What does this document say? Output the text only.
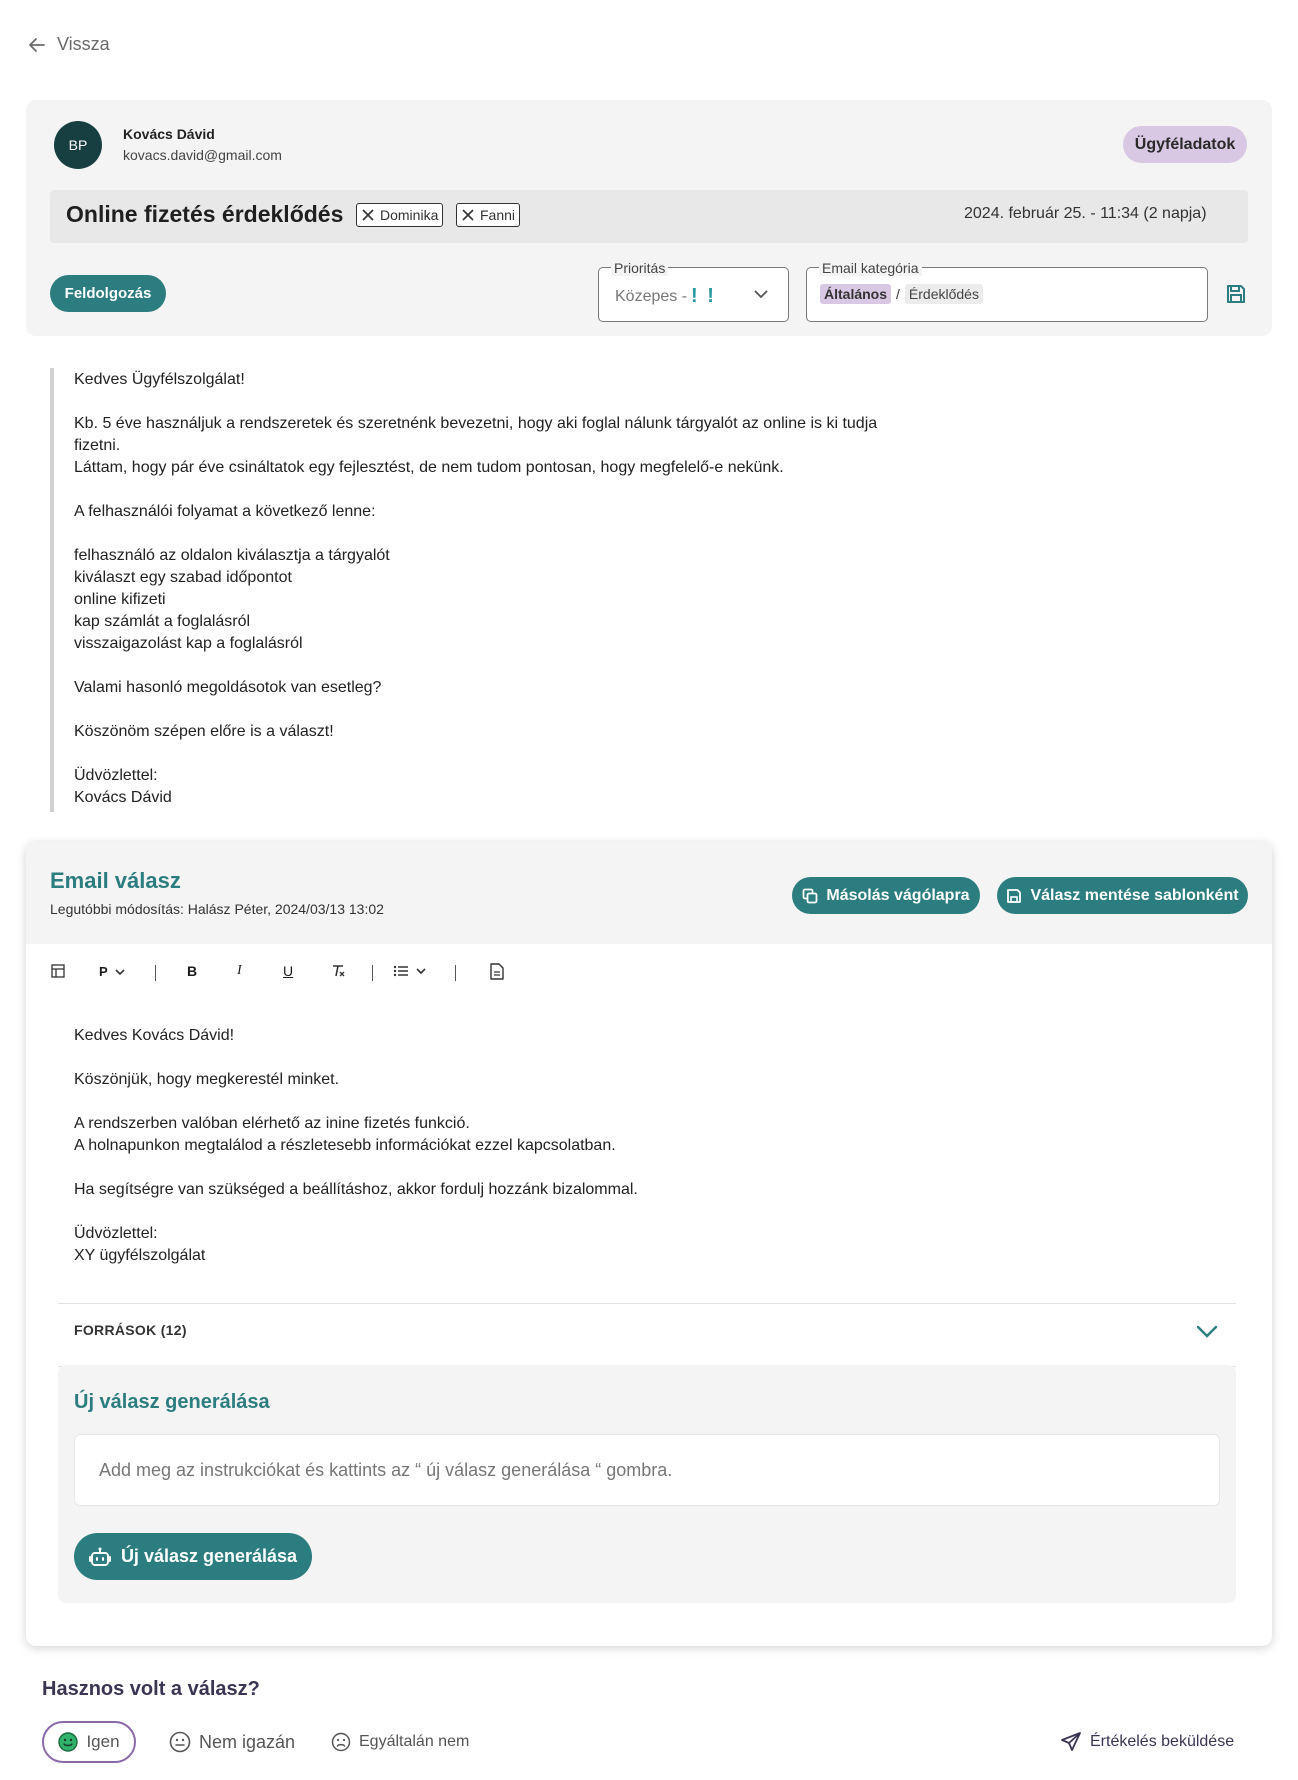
Vissza
BP
Kovács Dávid
kovacs.david@gmail.com
Ügyféladatok
Online fizetés érdeklődés	Dominika	Fanni	2024. február 25. - 11:34 (2 napja)
Feldolgozás
Prioritás
Közepes - ! !
Email kategória
Általános / Érdeklődés
Kedves Ügyfélszolgálat!

Kb. 5 éve használjuk a rendszeretek és szeretnénk bevezetni, hogy aki foglal nálunk tárgyalót az online is ki tudja fizetni.
Láttam, hogy pár éve csináltatok egy fejlesztést, de nem tudom pontosan, hogy megfelelő-e nekünk.

A felhasználói folyamat a következő lenne:

felhasználó az oldalon kiválasztja a tárgyalót
kiválaszt egy szabad időpontot
online kifizeti
kap számlát a foglalásról
visszaigazolást kap a foglalásról

Valami hasonló megoldásotok van esetleg?

Köszönöm szépen előre is a választ!

Üdvözlettel:
Kovács Dávid
Email válasz
Legutóbbi módosítás: Halász Péter, 2024/03/13 13:02
Másolás vágólapra	Válasz mentése sablonként
P	B	I	U
Kedves Kovács Dávid!

Köszönjük, hogy megkerestél minket.

A rendszerben valóban elérhető az inine fizetés funkció.
A holnapunkon megtalálod a részletesebb információkat ezzel kapcsolatban.

Ha segítségre van szükséged a beállításhoz, akkor fordulj hozzánk bizalommal.

Üdvözlettel:
XY ügyfélszolgálat
FORRÁSOK (12)
Új válasz generálása
Add meg az instrukciókat és kattints az “ új válasz generálása “ gombra.
Új válasz generálása
Hasznos volt a válasz?
Igen	Nem igazán	Egyáltalán nem	Értékelés beküldése
